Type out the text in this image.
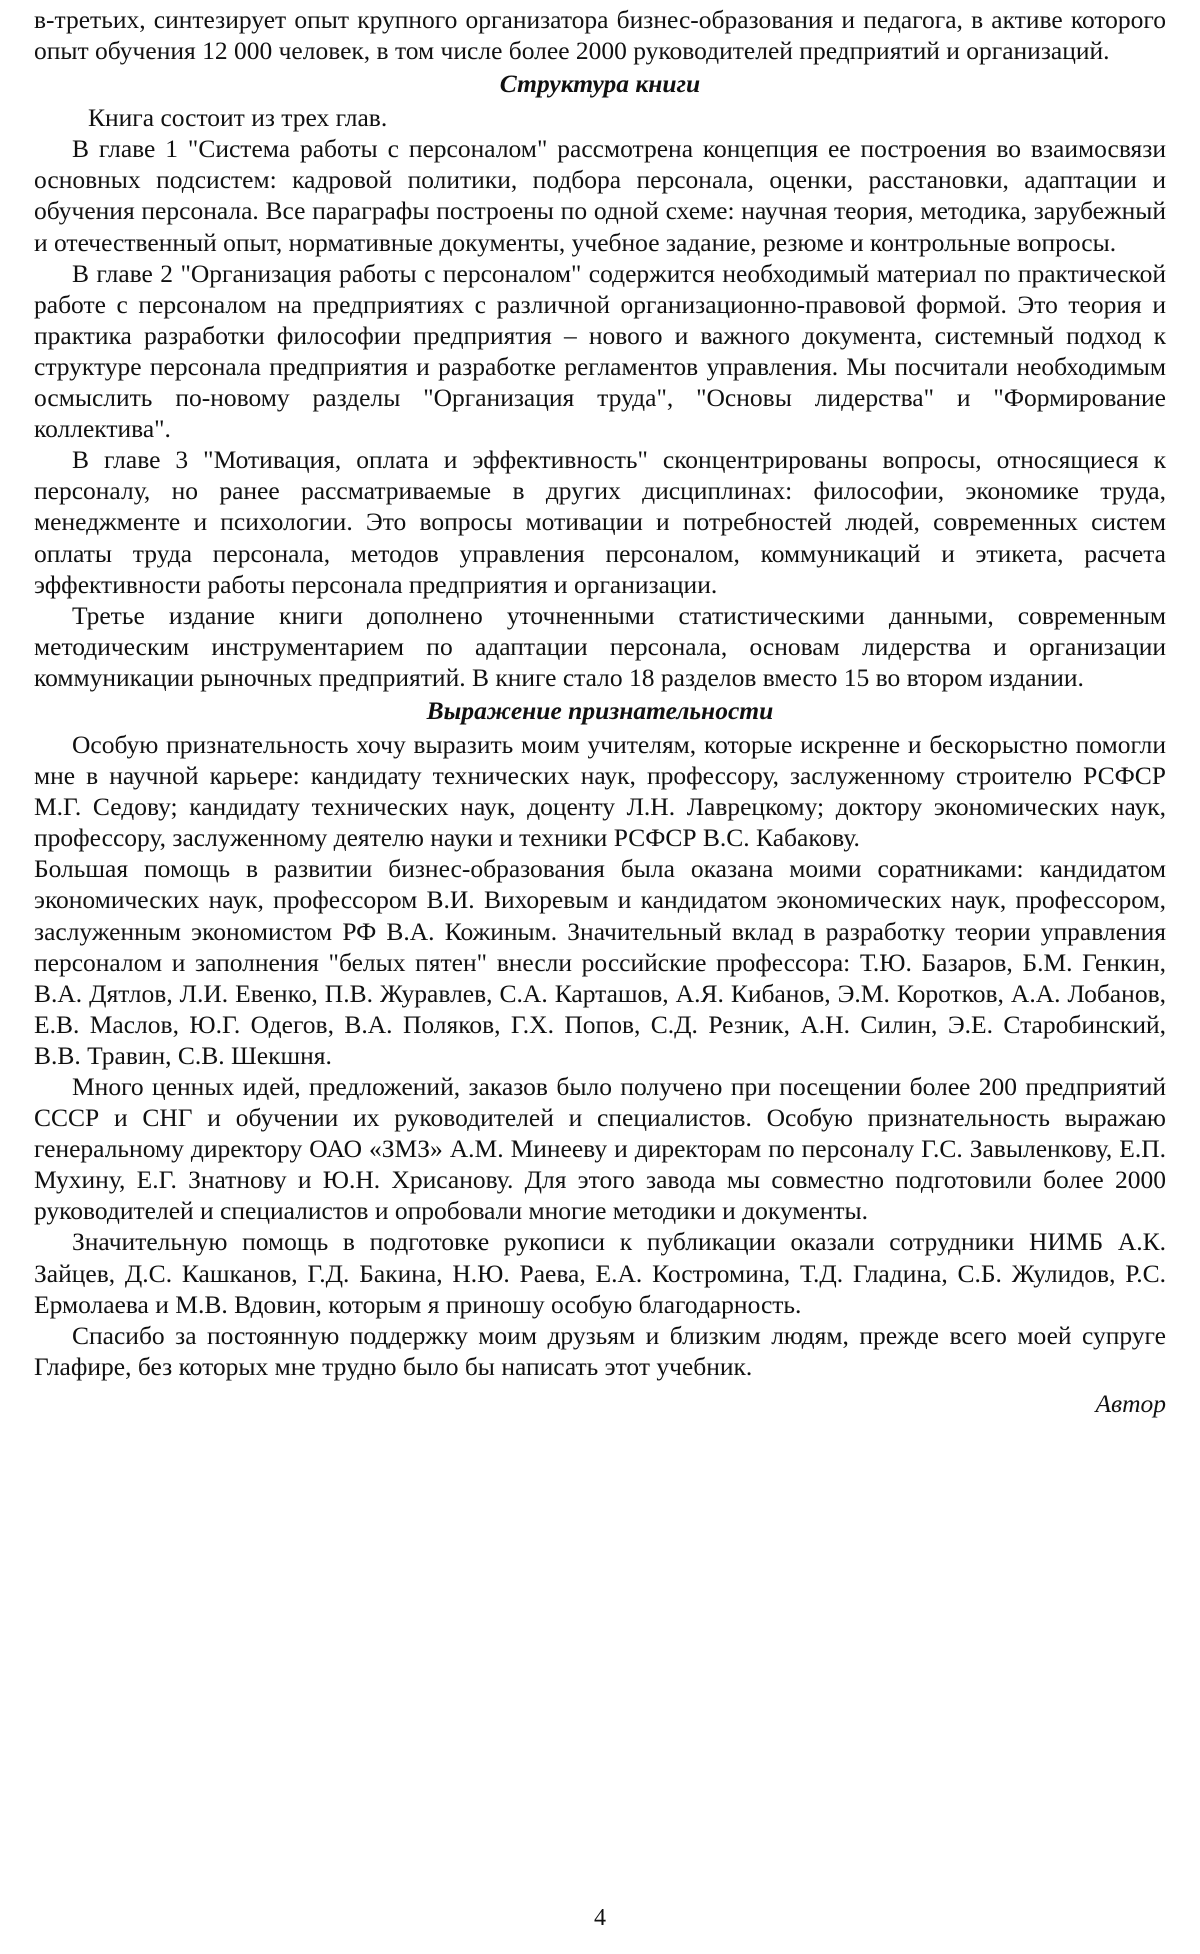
в-третьих, синтезирует опыт крупного организатора бизнес-образования и педагога, в активе которого опыт обучения 12 000 человек, в том числе более 2000 руководителей предприятий и организаций.

Структура книги

Книга состоит из трех глав.

В главе 1 "Система работы с персоналом" рассмотрена концепция ее построения во взаимосвязи основных подсистем: кадровой политики, подбора персонала, оценки, расстановки, адаптации и обучения персонала. Все параграфы построены по одной схеме: научная теория, методика, зарубежный и отечественный опыт, нормативные документы, учебное задание, резюме и контрольные вопросы.

В главе 2 "Организация работы с персоналом" содержится необходимый материал по практической работе с персоналом на предприятиях с различной организационно-правовой формой. Это теория и практика разработки философии предприятия – нового и важного документа, системный подход к структуре персонала предприятия и разработке регламентов управления. Мы посчитали необходимым осмыслить по-новому разделы "Организация труда", "Основы лидерства" и "Формирование коллектива".

В главе 3 "Мотивация, оплата и эффективность" сконцентрированы вопросы, относящиеся к персоналу, но ранее рассматриваемые в других дисциплинах: философии, экономике труда, менеджменте и психологии. Это вопросы мотивации и потребностей людей, современных систем оплаты труда персонала, методов управления персоналом, коммуникаций и этикета, расчета эффективности работы персонала предприятия и организации.

Третье издание книги дополнено уточненными статистическими данными, современным методическим инструментарием по адаптации персонала, основам лидерства и организации коммуникации рыночных предприятий. В книге стало 18 разделов вместо 15 во втором издании.

Выражение признательности

Особую признательность хочу выразить моим учителям, которые искренне и бескорыстно помогли мне в научной карьере: кандидату технических наук, профессору, заслуженному строителю РСФСР М.Г. Седову; кандидату технических наук, доценту Л.Н. Лаврецкому; доктору экономических наук, профессору, заслуженному деятелю науки и техники РСФСР В.С. Кабакову.

Большая помощь в развитии бизнес-образования была оказана моими соратниками: кандидатом экономических наук, профессором В.И. Вихоревым и кандидатом экономических наук, профессором, заслуженным экономистом РФ В.А. Кожиным. Значительный вклад в разработку теории управления персоналом и заполнения "белых пятен" внесли российские профессора: Т.Ю. Базаров, Б.М. Генкин, В.А. Дятлов, Л.И. Евенко, П.В. Журавлев, С.А. Карташов, А.Я. Кибанов, Э.М. Коротков, А.А. Лобанов, Е.В. Маслов, Ю.Г. Одегов, В.А. Поляков, Г.Х. Попов, С.Д. Резник, А.Н. Силин, Э.Е. Старобинский, В.В. Травин, С.В. Шекшня.

Много ценных идей, предложений, заказов было получено при посещении более 200 предприятий СССР и СНГ и обучении их руководителей и специалистов. Особую признательность выражаю генеральному директору ОАО «ЗМЗ» А.М. Минееву и директорам по персоналу Г.С. Завыленкову, Е.П. Мухину, Е.Г. Знатнову и Ю.Н. Хрисанову. Для этого завода мы совместно подготовили более 2000 руководителей и специалистов и опробовали многие методики и документы.

Значительную помощь в подготовке рукописи к публикации оказали сотрудники НИМБ А.К. Зайцев, Д.С. Кашканов, Г.Д. Бакина, Н.Ю. Раева, Е.А. Костромина, Т.Д. Гладина, С.Б. Жулидов, Р.С. Ермолаева и М.В. Вдовин, которым я приношу особую благодарность.

Спасибо за постоянную поддержку моим друзьям и близким людям, прежде всего моей супруге Глафире, без которых мне трудно было бы написать этот учебник.

Автор

4
